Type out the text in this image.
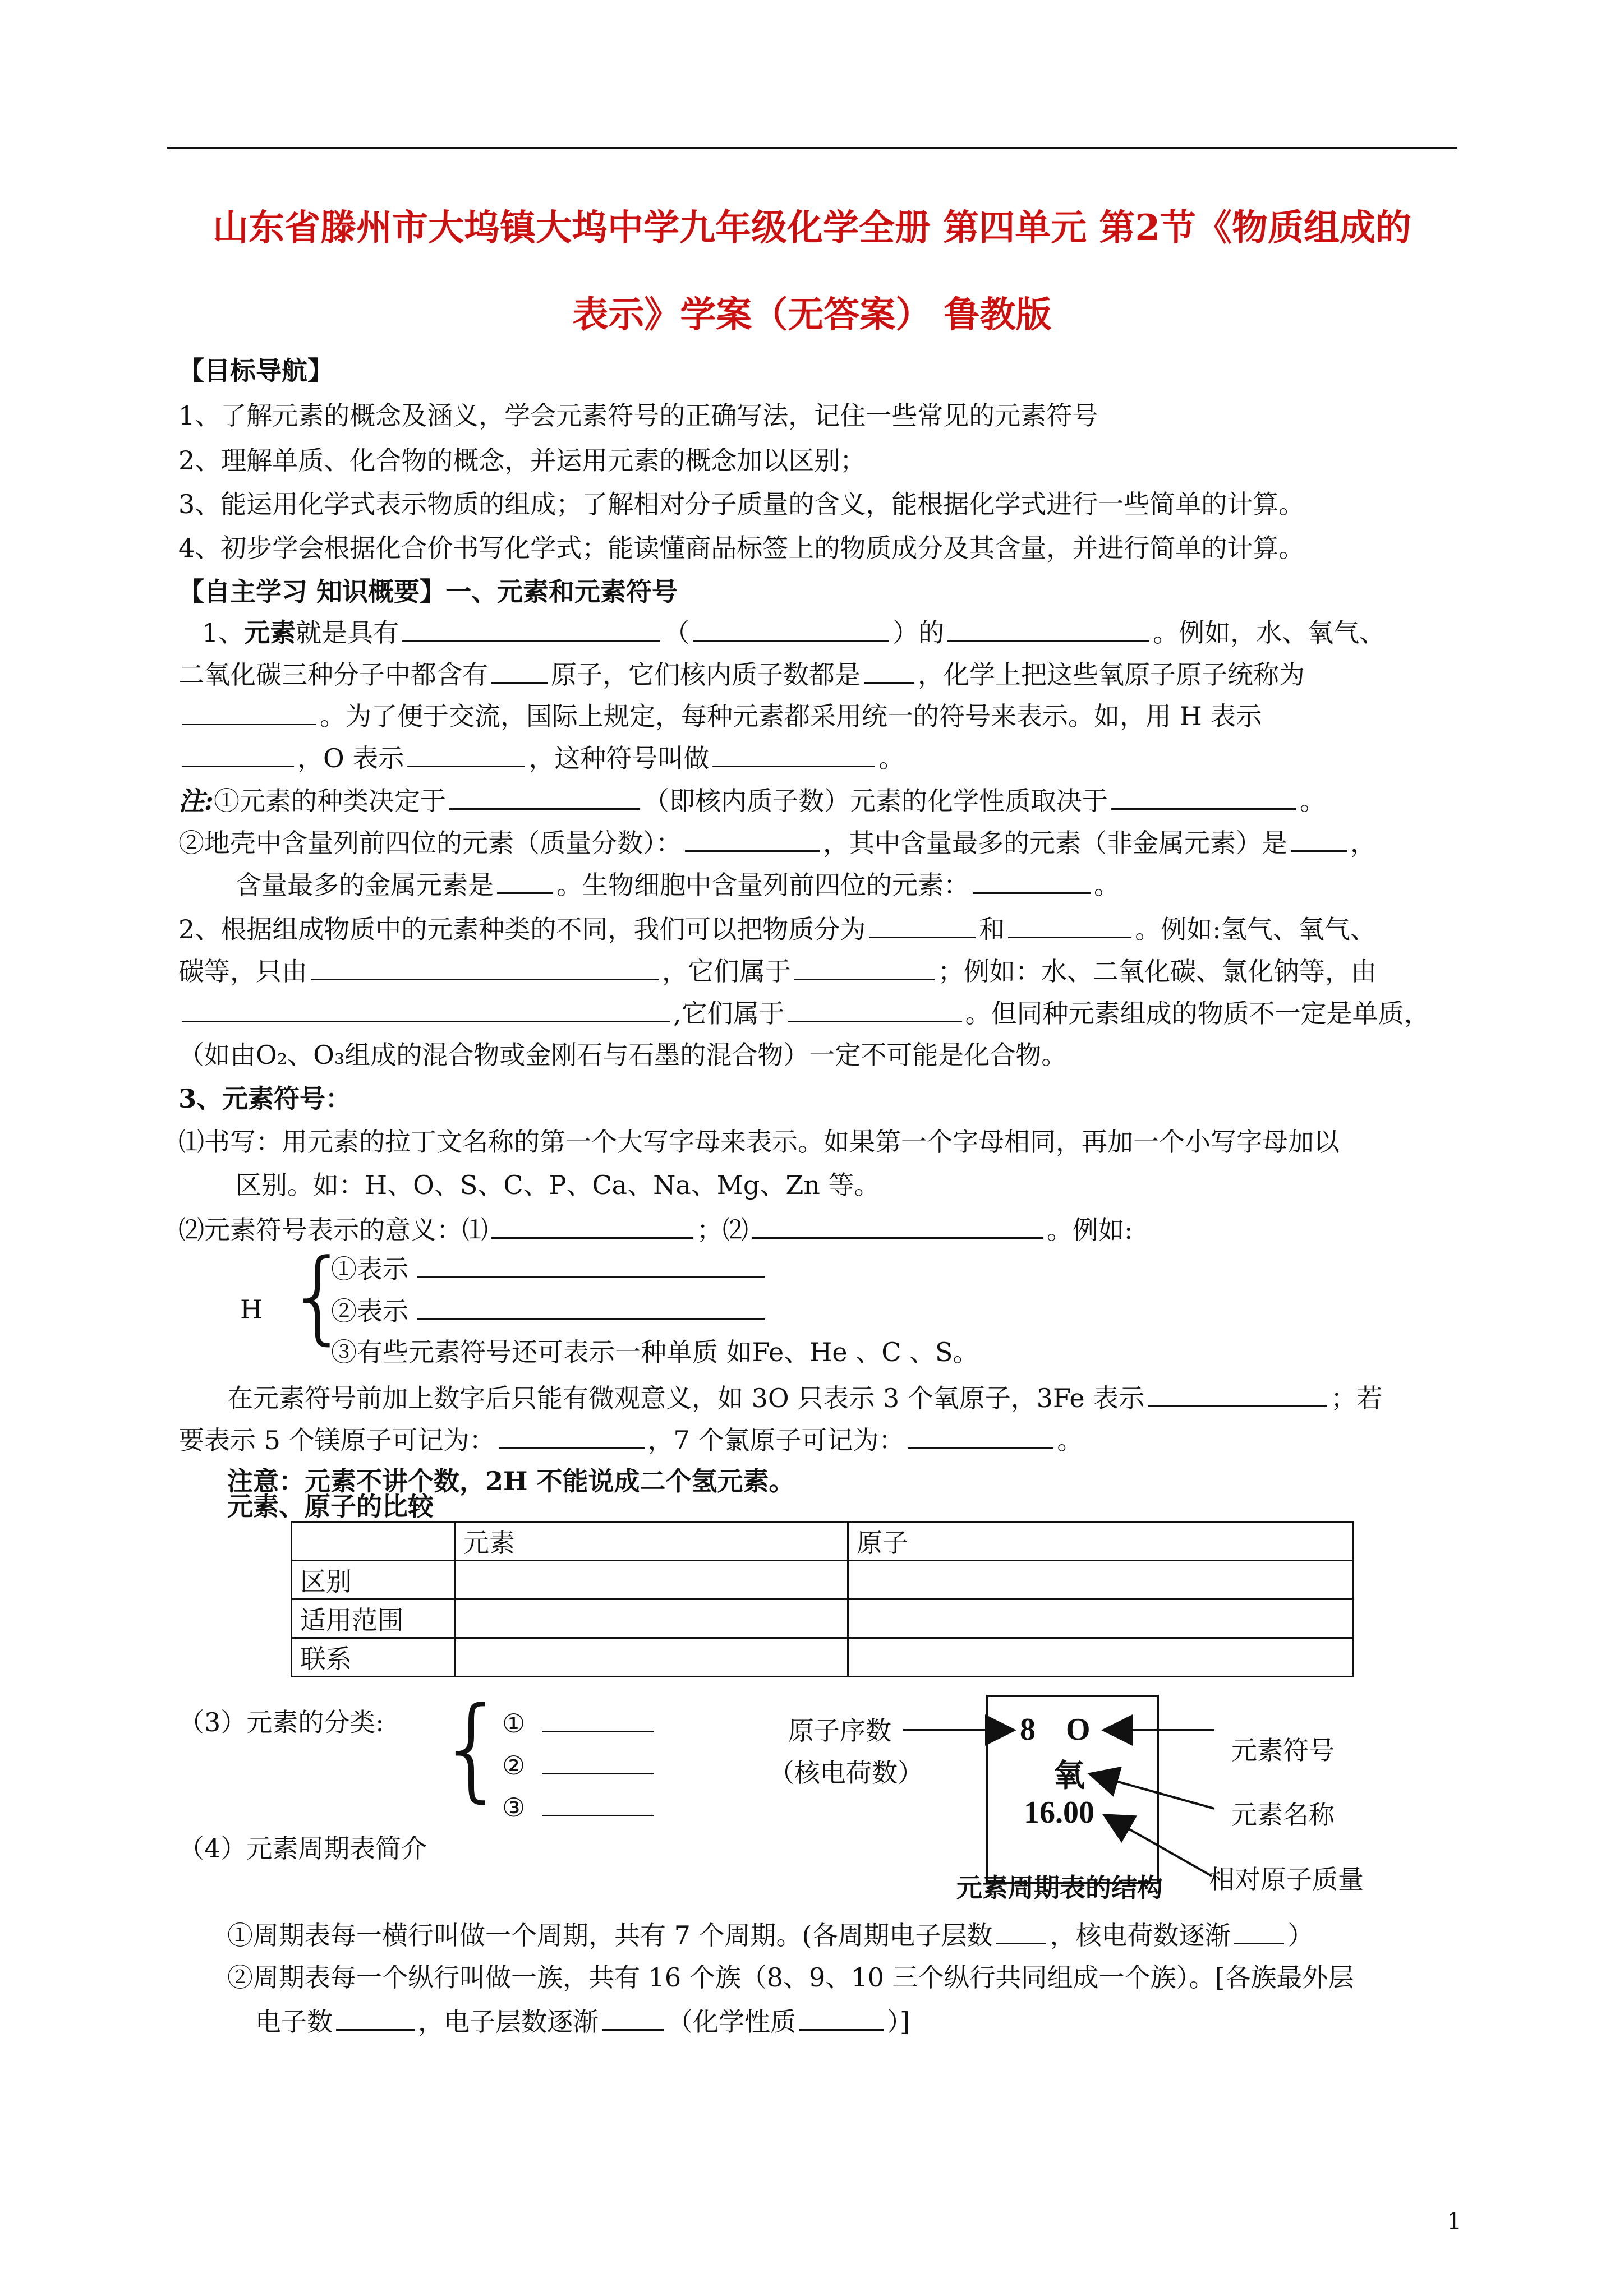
山东省滕州市大坞镇大坞中学九年级化学全册 第四单元 第2节《物质组成的
表示》学案（无答案） 鲁教版
【目标导航】
1、了解元素的概念及涵义，学会元素符号的正确写法，记住一些常见的元素符号
2、理解单质、化合物的概念，并运用元素的概念加以区别；
3、能运用化学式表示物质的组成；了解相对分子质量的含义，能根据化学式进行一些简单的计算。
4、初步学会根据化合价书写化学式；能读懂商品标签上的物质成分及其含量，并进行简单的计算。
【自主学习 知识概要】一、元素和元素符号
1、元素就是具有	（	）的	。例如，水、氧气、
二氧化碳三种分子中都含有 原子，它们核内质子数都是 ，化学上把这些氧原子原子统称为
。为了便于交流，国际上规定，每种元素都采用统一的符号来表示。如，用 H 表示
，O 表示	，这种符号叫做	。
注:①元素的种类决定于	（即核内质子数）元素的化学性质取决于	。
②地壳中含量列前四位的元素（质量分数）：	，其中含量最多的元素（非金属元素）是 ，
含量最多的金属元素是 。生物细胞中含量列前四位的元素：	。
2、根据组成物质中的元素种类的不同，我们可以把物质分为	和	。例如:氢气、氧气、
碳等，只由	，它们属于	；例如：水、二氧化碳、氯化钠等，由
,它们属于	。但同种元素组成的物质不一定是单质，
（如由O₂、O₃组成的混合物或金刚石与石墨的混合物）一定不可能是化合物。
3、元素符号：
⑴书写：用元素的拉丁文名称的第一个大写字母来表示。如果第一个字母相同，再加一个小写字母加以
区别。如：H、O、S、C、P、Ca、Na、Mg、Zn 等。
⑵元素符号表示的意义：⑴	；⑵	。例如:
H {
①表示
②表示
③有些元素符号还可表示一种单质 如Fe、He 、C 、S。
在元素符号前加上数字后只能有微观意义，如 3O 只表示 3 个氧原子，3Fe 表示	；若
要表示 5 个镁原子可记为：	，7 个氯原子可记为：	。
注意：元素不讲个数，2H 不能说成二个氢元素。
元素、原子的比较
	元素	原子
区别		
适用范围		
联系		
（3）元素的分类: {
①
②
③
（4）元素周期表简介
原子序数
（核电荷数）
8 O
氧
16.00
元素符号
元素名称
相对原子质量
元素周期表的结构
①周期表每一横行叫做一个周期，共有 7 个周期。(各周期电子层数 ，核电荷数逐渐 ）
②周期表每一个纵行叫做一族，共有 16 个族（8、9、10 三个纵行共同组成一个族）。[各族最外层
电子数	，电子层数逐渐	（化学性质	）]
1
